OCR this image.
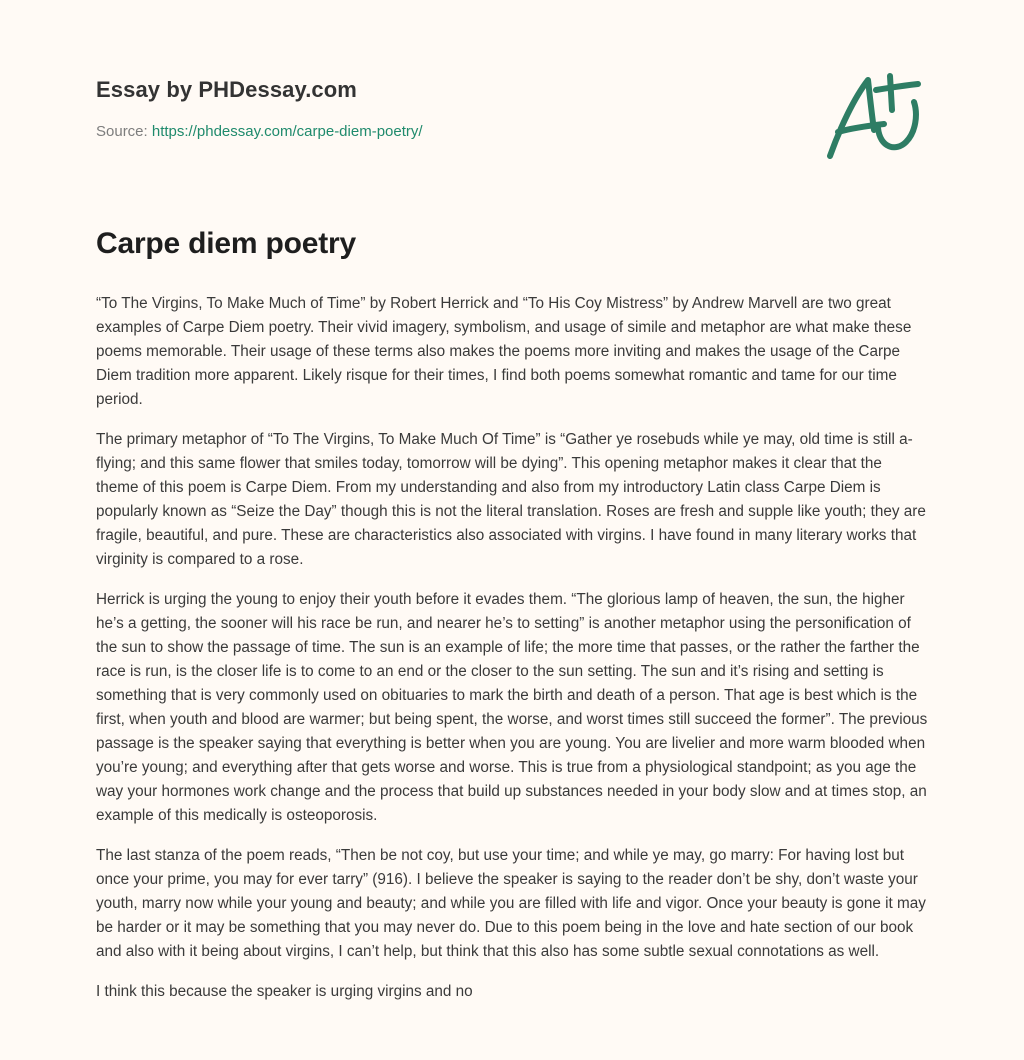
Essay by PHDessay.com
Source: https://phdessay.com/carpe-diem-poetry/
Carpe diem poetry

“To The Virgins, To Make Much of Time” by Robert Herrick and “To His Coy Mistress” by Andrew Marvell are two great examples of Carpe Diem poetry. Their vivid imagery, symbolism, and usage of simile and metaphor are what make these poems memorable. Their usage of these terms also makes the poems more inviting and makes the usage of the Carpe Diem tradition more apparent. Likely risque for their times, I find both poems somewhat romantic and tame for our time period.

The primary metaphor of “To The Virgins, To Make Much Of Time” is “Gather ye rosebuds while ye may, old time is still a-flying; and this same flower that smiles today, tomorrow will be dying”. This opening metaphor makes it clear that the theme of this poem is Carpe Diem. From my understanding and also from my introductory Latin class Carpe Diem is popularly known as “Seize the Day” though this is not the literal translation. Roses are fresh and supple like youth; they are fragile, beautiful, and pure. These are characteristics also associated with virgins. I have found in many literary works that virginity is compared to a rose.

Herrick is urging the young to enjoy their youth before it evades them. “The glorious lamp of heaven, the sun, the higher he’s a getting, the sooner will his race be run, and nearer he’s to setting” is another metaphor using the personification of the sun to show the passage of time. The sun is an example of life; the more time that passes, or the rather the farther the race is run, is the closer life is to come to an end or the closer to the sun setting. The sun and it’s rising and setting is something that is very commonly used on obituaries to mark the birth and death of a person. That age is best which is the first, when youth and blood are warmer; but being spent, the worse, and worst times still succeed the former”. The previous passage is the speaker saying that everything is better when you are young. You are livelier and more warm blooded when you’re young; and everything after that gets worse and worse. This is true from a physiological standpoint; as you age the way your hormones work change and the process that build up substances needed in your body slow and at times stop, an example of this medically is osteoporosis.

The last stanza of the poem reads, “Then be not coy, but use your time; and while ye may, go marry: For having lost but once your prime, you may for ever tarry” (916). I believe the speaker is saying to the reader don’t be shy, don’t waste your youth, marry now while your young and beauty; and while you are filled with life and vigor. Once your beauty is gone it may be harder or it may be something that you may never do. Due to this poem being in the love and hate section of our book and also with it being about virgins, I can’t help, but think that this also has some subtle sexual connotations as well.

I think this because the speaker is urging virgins and no
